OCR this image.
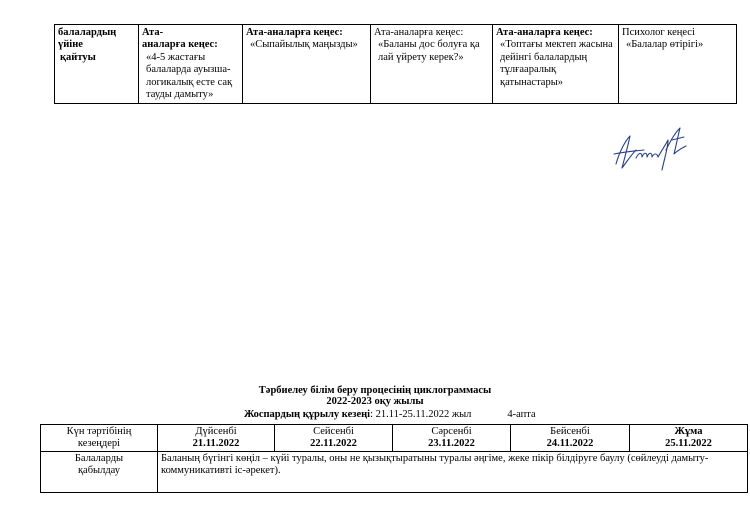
балалардың үйіне

қайтуы
	Ата-
аналарға кеңес:

«4-5 жастағы балаларда ауызша-логикалық есте сақ тауды дамыту»
	Ата-аналарға кеңес:

«Сыпайылық маңызды»
	Ата-аналарға кеңес:

«Баланы дос болуға қа лай үйрету керек?»
	Ата-аналарға кеңес:

«Топтағы мектеп жасына дейінгі балалардың тұлғааралық қатынастары»
	Психолог кеңесі

«Балалар өтірігі»
Тәрбиелеу білім беру процесінің циклограммасы
2022-2023 оқу жылы
Жоспардың құрылу кезеңі: 21.11-25.11.2022 жыл	4-апта
Күн тәртібінің
кезеңдері	Дүйсенбі
21.11.2022	Сейсенбі
22.11.2022	Сәрсенбі
23.11.2022	Бейсенбі
24.11.2022	Жұма
25.11.2022

Балаларды
қабылдау	Баланың бүгінгі көңіл – күйі туралы, оны не қызықтыратыны туралы әңгіме, жеке пікір білдіруге баулу (сөйлеуді дамыту-коммуникативті іс-әрекет).				
